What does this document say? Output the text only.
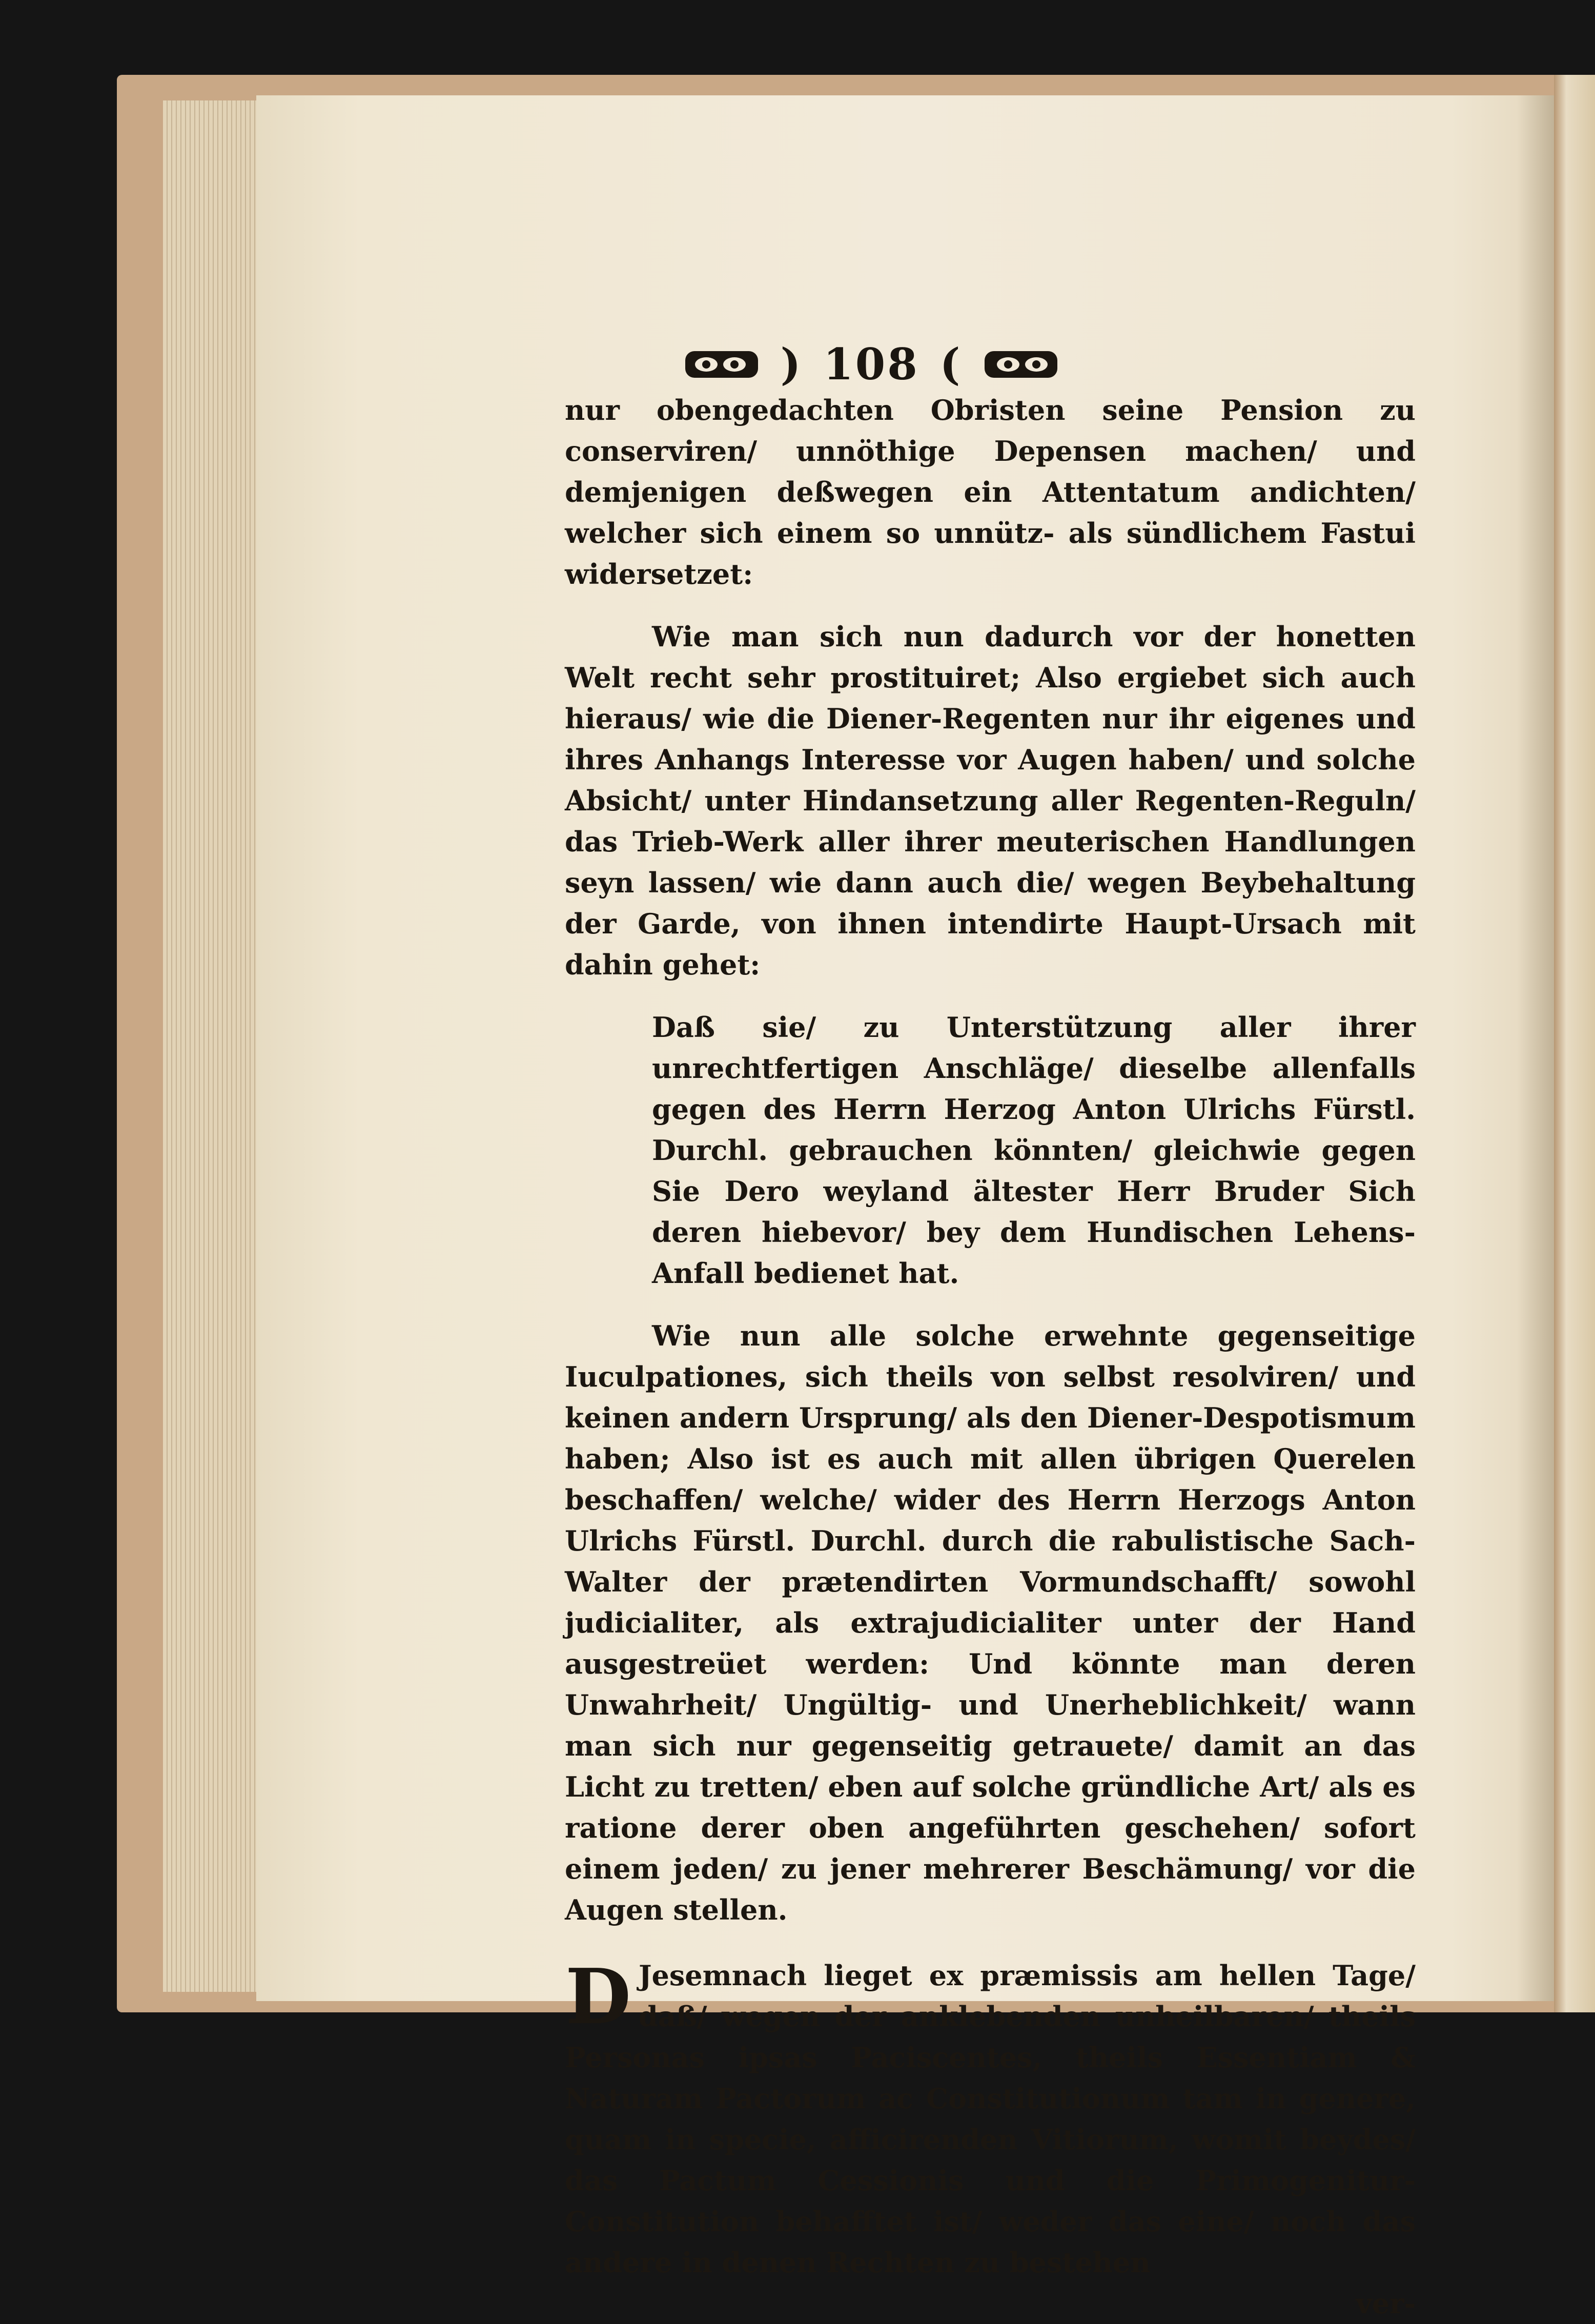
) 108 (

nur obengedachten Obristen seine Pension zu conserviren/ unnöthige Depensen machen/ und demjenigen deßwegen ein Attentatum andichten/ welcher sich einem so unnütz- als sündlichem Fastui widersetzet:

Wie man sich nun dadurch vor der honetten Welt recht sehr prostituiret; Also ergiebet sich auch hieraus/ wie die Diener-Regenten nur ihr eigenes und ihres Anhangs Interesse vor Augen haben/ und solche Absicht/ unter Hindansetzung aller Regenten-Reguln/ das Trieb-Werk aller ihrer meuterischen Handlungen seyn lassen/ wie dann auch die/ wegen Beybehaltung der Garde, von ihnen intendirte Haupt-Ursach mit dahin gehet:

Daß sie/ zu Unterstützung aller ihrer unrechtfertigen Anschläge/ dieselbe allenfalls gegen des Herrn Herzog Anton Ulrichs Fürstl. Durchl. gebrauchen könnten/ gleichwie gegen Sie Dero weyland ältester Herr Bruder Sich deren hiebevor/ bey dem Hundischen Lehens-Anfall bedienet hat.

Wie nun alle solche erwehnte gegenseitige Iuculpationes, sich theils von selbst resolviren/ und keinen andern Ursprung/ als den Diener-Despotismum haben; Also ist es auch mit allen übrigen Querelen beschaffen/ welche/ wider des Herrn Herzogs Anton Ulrichs Fürstl. Durchl. durch die rabulistische Sach-Walter der prætendirten Vormundschafft/ sowohl judicialiter, als extrajudicialiter unter der Hand ausgestreüet werden: Und könnte man deren Unwahrheit/ Ungültig- und Unerheblichkeit/ wann man sich nur gegenseitig getrauete/ damit an das Licht zu tretten/ eben auf solche gründliche Art/ als es ratione derer oben angeführten geschehen/ sofort einem jeden/ zu jener mehrerer Beschämung/ vor die Augen stellen.

D Jesemnach lieget ex præmissis am hellen Tage/ daß/ wegen der anklebenden unheilbaren/ theils Personas ipsas Paciscentes, theils Essentiam & Naturam Pactorum ac Constitutionum tam in genere, quam in specie, afficirenden Vitiorum, womit beydes/ das Pactum Cessionis und die Primogenitur-Constitution behafftet ist/ weder das eine/ noch das andere in denen Rechten zu bestehen

ver-
